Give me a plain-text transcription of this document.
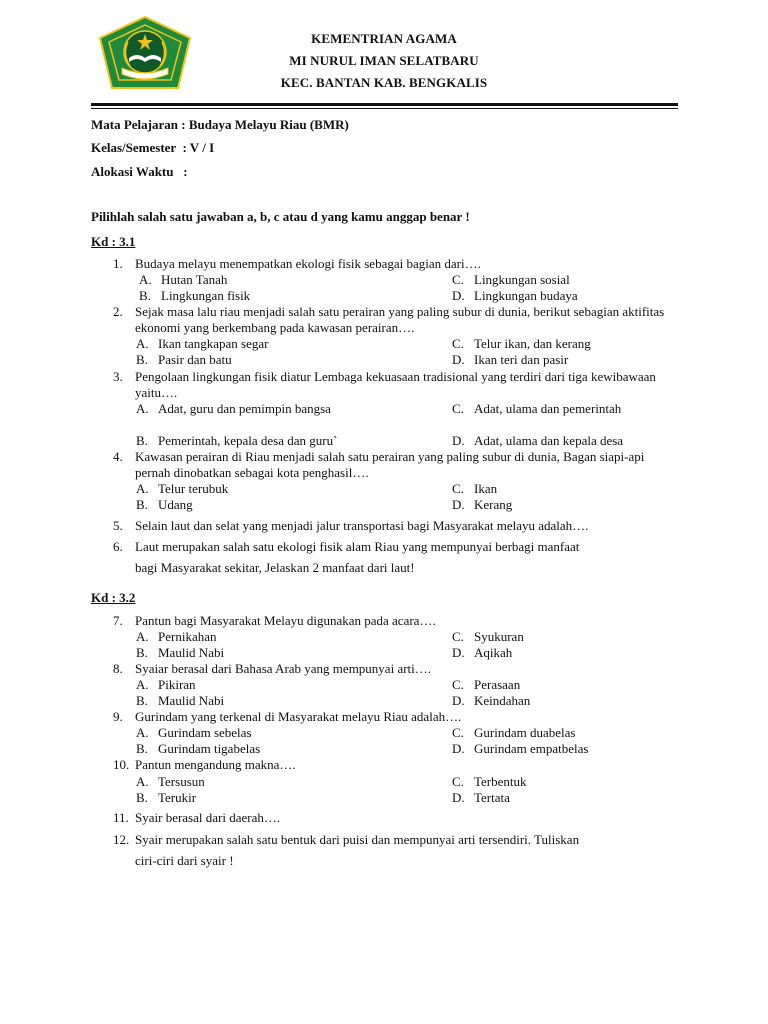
KEMENTRIAN AGAMA
MI NURUL IMAN SELATBARU
KEC. BANTAN KAB. BENGKALIS
Mata Pelajaran : Budaya Melayu Riau (BMR)
Kelas/Semester  : V / I
Alokasi Waktu   :
Pilihlah salah satu jawaban a, b, c atau d yang kamu anggap benar !
Kd : 3.1
1. Budaya melayu menempatkan ekologi fisik sebagai bagian dari….
A. Hutan Tanah	C. Lingkungan sosial
B. Lingkungan fisik	D. Lingkungan budaya
2. Sejak masa lalu riau menjadi salah satu perairan yang paling subur di dunia, berikut sebagian aktifitas ekonomi yang berkembang pada kawasan perairan….
A. Ikan tangkapan segar	C. Telur ikan, dan kerang
B. Pasir dan batu	D. Ikan teri dan pasir
3. Pengolaan lingkungan fisik diatur Lembaga kekuasaan tradisional yang terdiri dari tiga kewibawaan yaitu….
A. Adat, guru dan pemimpin bangsa	C. Adat, ulama dan pemerintah
B. Pemerintah, kepala desa dan guru`	D. Adat, ulama dan kepala desa
4. Kawasan perairan di Riau menjadi salah satu perairan yang paling subur di dunia, Bagan siapi-api pernah dinobatkan sebagai kota penghasil….
A. Telur terubuk	C. Ikan
B. Udang	D. Kerang
5. Selain laut dan selat yang menjadi jalur transportasi bagi Masyarakat melayu adalah….
6. Laut merupakan salah satu ekologi fisik alam Riau yang mempunyai berbagi manfaat
bagi Masyarakat sekitar, Jelaskan 2 manfaat dari laut!
Kd : 3.2
7. Pantun bagi Masyarakat Melayu digunakan pada acara….
A. Pernikahan	C. Syukuran
B. Maulid Nabi	D. Aqikah
8. Syaiar berasal dari Bahasa Arab yang mempunyai arti….
A. Pikiran	C. Perasaan
B. Maulid Nabi	D. Keindahan
9. Gurindam yang terkenal di Masyarakat melayu Riau adalah….
A. Gurindam sebelas	C. Gurindam duabelas
B. Gurindam tigabelas	D. Gurindam empatbelas
10. Pantun mengandung makna….
A. Tersusun	C. Terbentuk
B. Terukir	D. Tertata
11. Syair berasal dari daerah….
12. Syair merupakan salah satu bentuk dari puisi dan mempunyai arti tersendiri. Tuliskan
ciri-ciri dari syair !
